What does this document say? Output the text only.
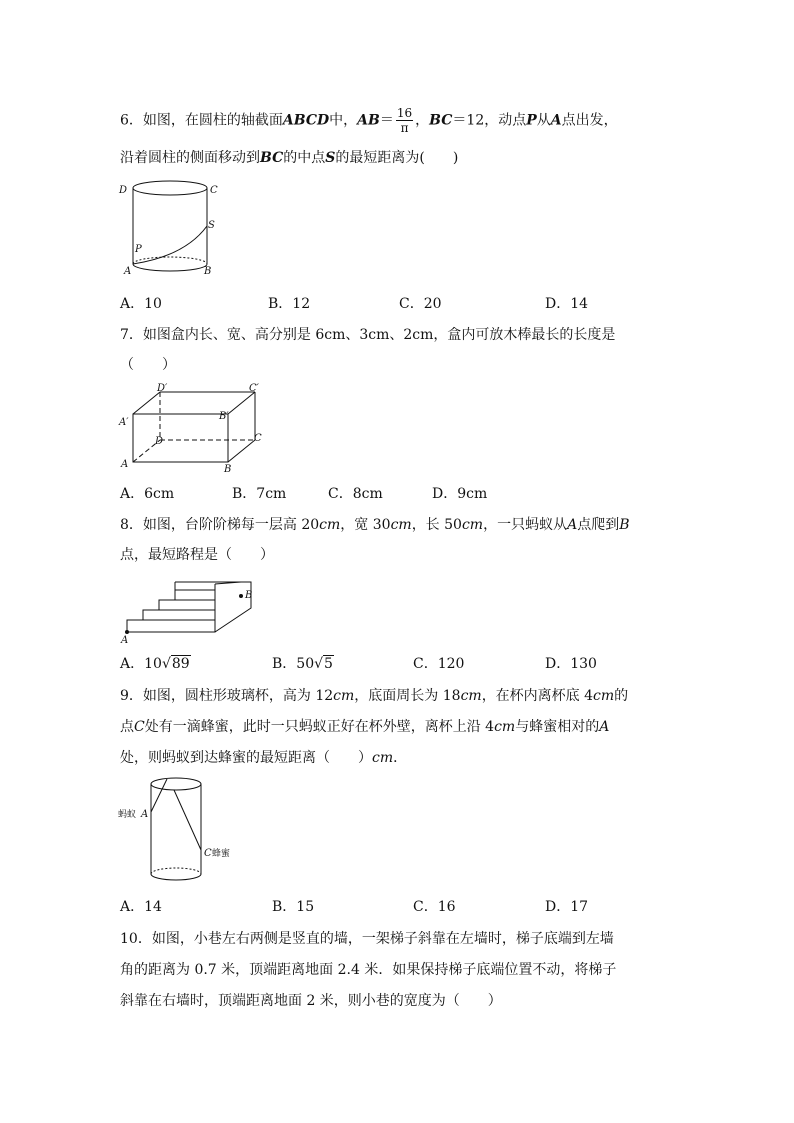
6．如图，在圆柱的轴截面ABCD中，$AB= \frac{16}{\pi}$ ，BC＝12，动点P从A点出发，
沿着圆柱的侧面移动到BC的中点S的最短距离为(　　)
D	C
S
P
A	B
A．10	B．12	C．20	D．14
7．如图盒内长、宽、高分别是 6cm、3cm、2cm，盒内可放木棒最长的长度是
（　　）
D′	C′
A′
B′
D	C
A	B
A．6cm	B．7cm	C．8cm	D．9cm
8．如图，台阶阶梯每一层高 20cm，宽 30cm，长 50cm，一只蚂蚁从A点爬到B
点，最短路程是（　　）
B
A
A．10√89	B．50√5	C．120	D．130
9．如图，圆柱形玻璃杯，高为 12cm，底面周长为 18cm，在杯内离杯底 4cm的
点C处有一滴蜂蜜，此时一只蚂蚁正好在杯外壁，离杯上沿 4cm与蜂蜜相对的A
处，则蚂蚁到达蜂蜜的最短距离（　　）cm．
蚂蚁 A
C 蜂蜜
A．14	B．15	C．16	D．17
10．如图，小巷左右两侧是竖直的墙，一架梯子斜靠在左墙时，梯子底端到左墙
角的距离为 0.7 米，顶端距离地面 2.4 米．如果保持梯子底端位置不动，将梯子
斜靠在右墙时，顶端距离地面 2 米，则小巷的宽度为（　　）
